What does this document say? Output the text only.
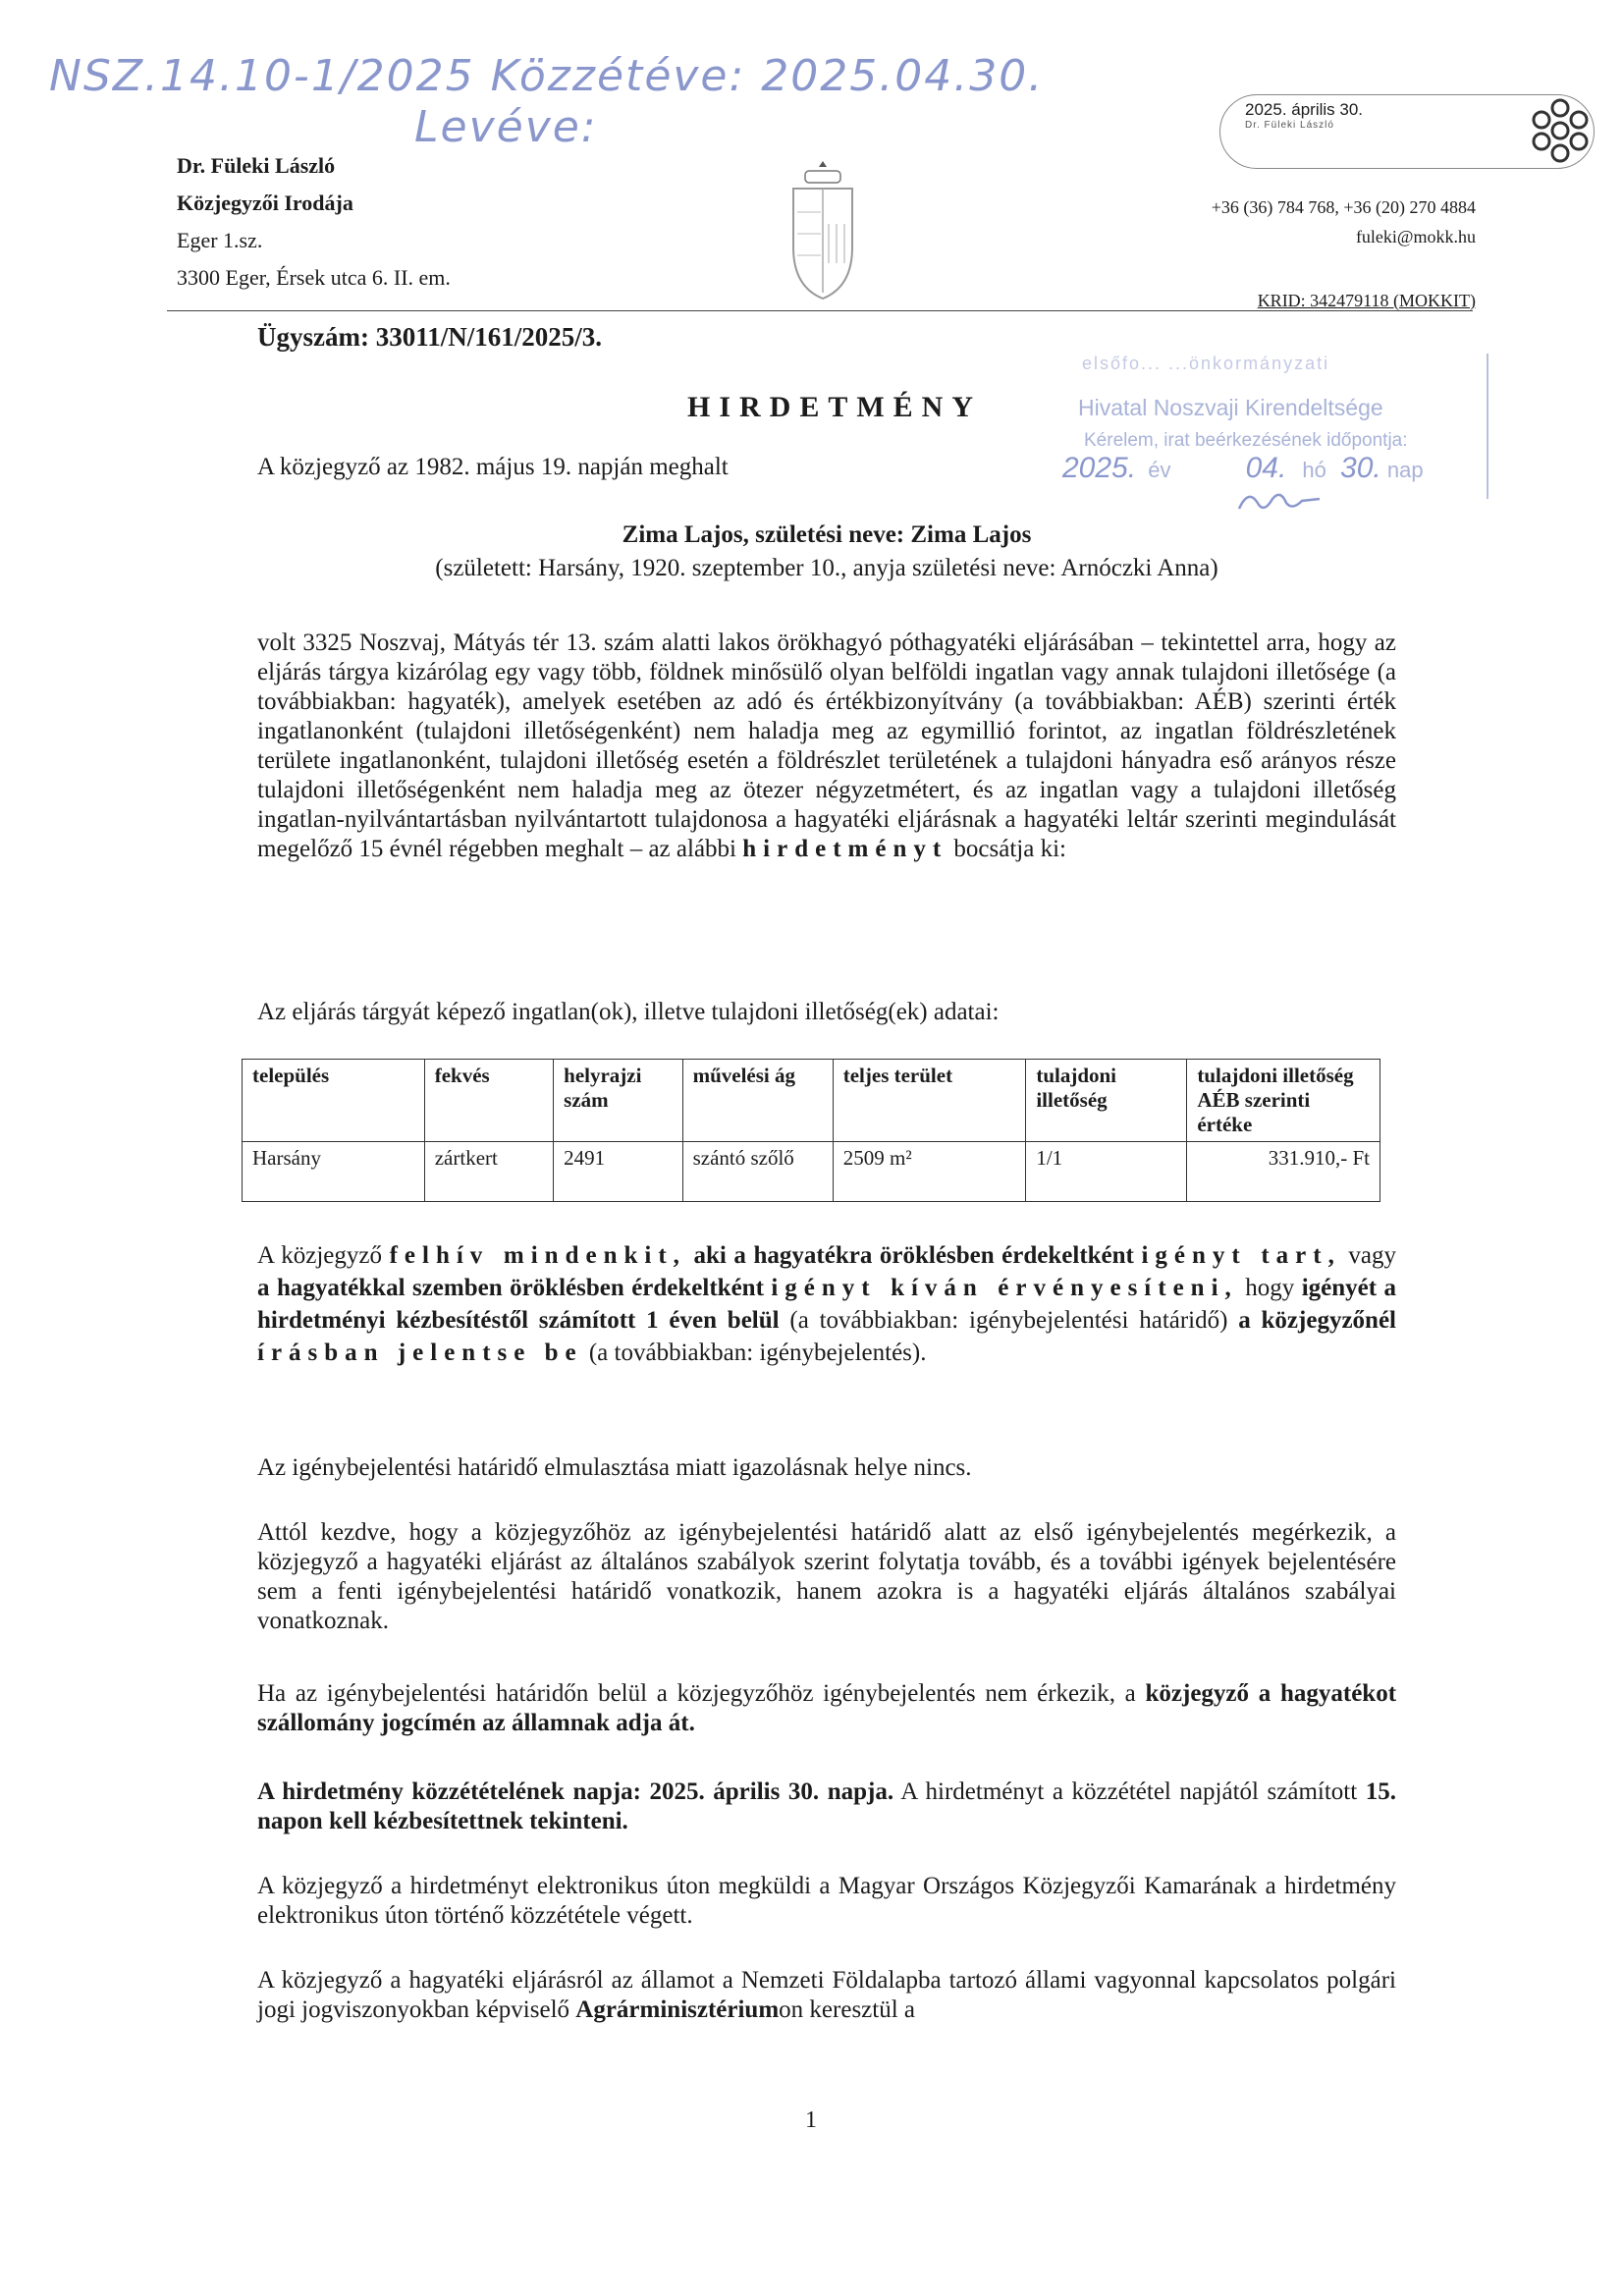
NSZ.14.10-1/2025 Közzétéve: 2025.04.30.
Levéve:
Dr. Füleki László
Közjegyzői Irodája
Eger 1.sz.
3300 Eger, Érsek utca 6. II. em.
2025. április 30.
Dr. Füleki László
+36 (36) 784 768, +36 (20) 270 4884
fuleki@mokk.hu
KRID: 342479118 (MOKKIT)
Ügyszám: 33011/N/161/2025/3.
HIRDETMÉNY
A közjegyző az 1982. május 19. napján meghalt
elsőfo... ...önkormányzati
Hivatal Noszvaji Kirendeltsége
Kérelem, irat beérkezésének időpontja:
2025. év	04. hó 30. nap
Zima Lajos, születési neve: Zima Lajos
(született: Harsány, 1920. szeptember 10., anyja születési neve: Arnóczki Anna)
volt 3325 Noszvaj, Mátyás tér 13. szám alatti lakos örökhagyó póthagyatéki eljárásában – tekintettel arra, hogy az eljárás tárgya kizárólag egy vagy több, földnek minősülő olyan belföldi ingatlan vagy annak tulajdoni illetősége (a továbbiakban: hagyaték), amelyek esetében az adó és értékbizonyítvány (a továbbiakban: AÉB) szerinti érték ingatlanonként (tulajdoni illetőségenként) nem haladja meg az egymillió forintot, az ingatlan földrészletének területe ingatlanonként, tulajdoni illetőség esetén a földrészlet területének a tulajdoni hányadra eső arányos része tulajdoni illetőségenként nem haladja meg az ötezer négyzetmétert, és az ingatlan vagy a tulajdoni illetőség ingatlan-nyilvántartásban nyilvántartott tulajdonosa a hagyatéki eljárásnak a hagyatéki leltár szerinti megindulását megelőző 15 évnél régebben meghalt – az alábbi hirdetményt bocsátja ki:
Az eljárás tárgyát képező ingatlan(ok), illetve tulajdoni illetőség(ek) adatai:
település	fekvés	helyrajzi szám	művelési ág	teljes terület	tulajdoni illetőség	tulajdoni illetőség AÉB szerinti értéke
Harsány	zártkert	2491	szántó szőlő	2509 m²	1/1	331.910,- Ft
A közjegyző felhív mindenkit, aki a hagyatékra öröklésben érdekeltként igényt tart, vagy a hagyatékkal szemben öröklésben érdekeltként igényt kíván érvényesíteni, hogy igényét a hirdetményi kézbesítéstől számított 1 éven belül (a továbbiakban: igénybejelentési határidő) a közjegyzőnél írásban jelentse be (a továbbiakban: igénybejelentés).
Az igénybejelentési határidő elmulasztása miatt igazolásnak helye nincs.
Attól kezdve, hogy a közjegyzőhöz az igénybejelentési határidő alatt az első igénybejelentés megérkezik, a közjegyző a hagyatéki eljárást az általános szabályok szerint folytatja tovább, és a további igények bejelentésére sem a fenti igénybejelentési határidő vonatkozik, hanem azokra is a hagyatéki eljárás általános szabályai vonatkoznak.
Ha az igénybejelentési határidőn belül a közjegyzőhöz igénybejelentés nem érkezik, a közjegyző a hagyatékot szállomány jogcímén az államnak adja át.
A hirdetmény közzétételének napja: 2025. április 30. napja. A hirdetményt a közzététel napjától számított 15. napon kell kézbesítettnek tekinteni.
A közjegyző a hirdetményt elektronikus úton megküldi a Magyar Országos Közjegyzői Kamarának a hirdetmény elektronikus úton történő közzététele végett.
A közjegyző a hagyatéki eljárásról az államot a Nemzeti Földalapba tartozó állami vagyonnal kapcsolatos polgári jogi jogviszonyokban képviselő Agrárminisztériumon keresztül a
1
